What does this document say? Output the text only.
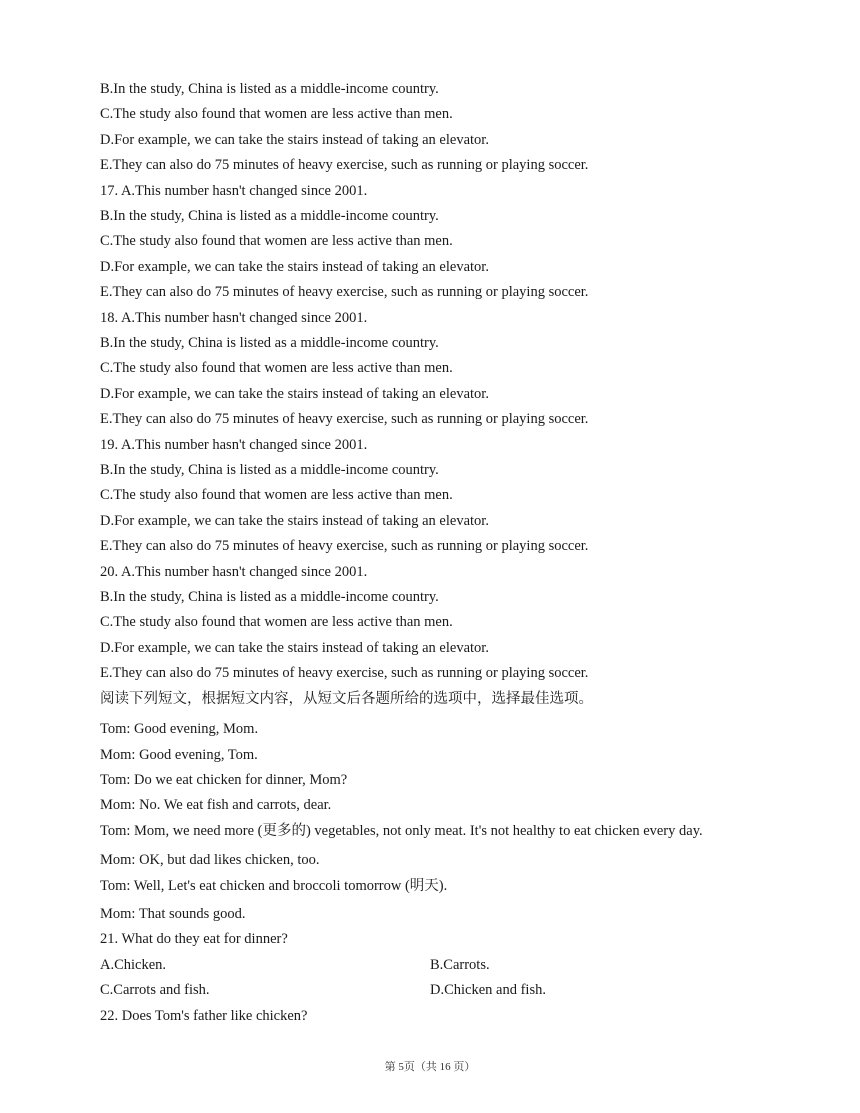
B.In the study, China is listed as a middle-income country.
C.The study also found that women are less active than men.
D.For example, we can take the stairs instead of taking an elevator.
E.They can also do 75 minutes of heavy exercise, such as running or playing soccer.
17. A.This number hasn't changed since 2001.
B.In the study, China is listed as a middle-income country.
C.The study also found that women are less active than men.
D.For example, we can take the stairs instead of taking an elevator.
E.They can also do 75 minutes of heavy exercise, such as running or playing soccer.
18. A.This number hasn't changed since 2001.
B.In the study, China is listed as a middle-income country.
C.The study also found that women are less active than men.
D.For example, we can take the stairs instead of taking an elevator.
E.They can also do 75 minutes of heavy exercise, such as running or playing soccer.
19. A.This number hasn't changed since 2001.
B.In the study, China is listed as a middle-income country.
C.The study also found that women are less active than men.
D.For example, we can take the stairs instead of taking an elevator.
E.They can also do 75 minutes of heavy exercise, such as running or playing soccer.
20. A.This number hasn't changed since 2001.
B.In the study, China is listed as a middle-income country.
C.The study also found that women are less active than men.
D.For example, we can take the stairs instead of taking an elevator.
E.They can also do 75 minutes of heavy exercise, such as running or playing soccer.
阅读下列短文，根据短文内容，从短文后各题所给的选项中，选择最佳选项。
Tom: Good evening, Mom.
Mom: Good evening, Tom.
Tom: Do we eat chicken for dinner, Mom?
Mom: No. We eat fish and carrots, dear.
Tom: Mom, we need more (更多的) vegetables, not only meat. It's not healthy to eat chicken every day.
Mom: OK, but dad likes chicken, too.
Tom: Well, Let's eat chicken and broccoli tomorrow (明天).
Mom: That sounds good.
21. What do they eat for dinner?
A.Chicken.	B.Carrots.
C.Carrots and fish.	D.Chicken and fish.
22. Does Tom's father like chicken?
第 5页（共 16 页）
